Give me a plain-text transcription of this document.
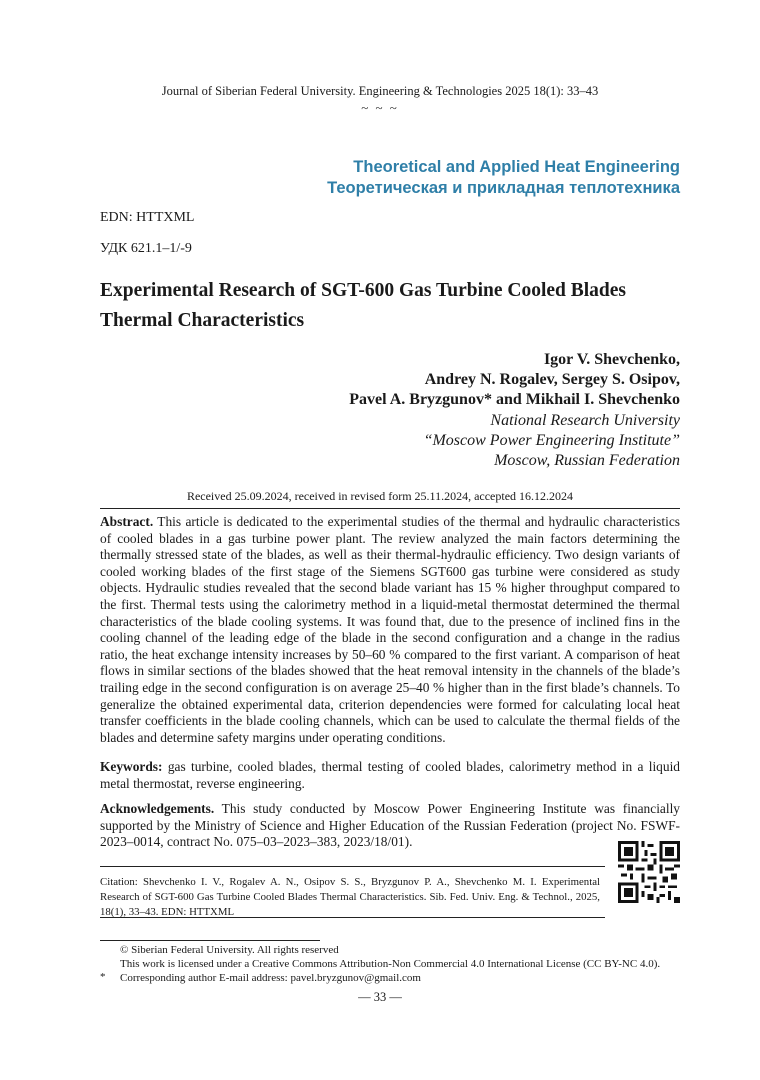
Journal of Siberian Federal University. Engineering & Technologies 2025 18(1): 33–43
~ ~ ~
Theoretical and Applied Heat Engineering
Теоретическая и прикладная теплотехника
EDN: HTTXML
УДК 621.1–1/-9
Experimental Research of SGT-600 Gas Turbine Cooled Blades Thermal Characteristics
Igor V. Shevchenko,
Andrey N. Rogalev, Sergey S. Osipov,
Pavel A. Bryzgunov* and Mikhail I. Shevchenko
National Research University
“Moscow Power Engineering Institute”
Moscow, Russian Federation
Received 25.09.2024, received in revised form 25.11.2024, accepted 16.12.2024
Abstract. This article is dedicated to the experimental studies of the thermal and hydraulic characteristics of cooled blades in a gas turbine power plant. The review analyzed the main factors determining the thermally stressed state of the blades, as well as their thermal-hydraulic efficiency. Two design variants of cooled working blades of the first stage of the Siemens SGT600 gas turbine were considered as study objects. Hydraulic studies revealed that the second blade variant has 15 % higher throughput compared to the first. Thermal tests using the calorimetry method in a liquid-metal thermostat determined the thermal characteristics of the blade cooling systems. It was found that, due to the presence of inclined fins in the cooling channel of the leading edge of the blade in the second configuration and a change in the radius ratio, the heat exchange intensity increases by 50–60 % compared to the first variant. A comparison of heat flows in similar sections of the blades showed that the heat removal intensity in the channels of the blade’s trailing edge in the second configuration is on average 25–40 % higher than in the first blade’s channels. To generalize the obtained experimental data, criterion dependencies were formed for calculating local heat transfer coefficients in the blade cooling channels, which can be used to calculate the thermal fields of the blades and determine safety margins under operating conditions.
Keywords: gas turbine, cooled blades, thermal testing of cooled blades, calorimetry method in a liquid metal thermostat, reverse engineering.
Acknowledgements. This study conducted by Moscow Power Engineering Institute was financially supported by the Ministry of Science and Higher Education of the Russian Federation (project No. FSWF-2023–0014, contract No. 075–03–2023–383, 2023/18/01).
Citation: Shevchenko I. V., Rogalev A. N., Osipov S. S., Bryzgunov P. A., Shevchenko M. I. Experimental Research of SGT-600 Gas Turbine Cooled Blades Thermal Characteristics. Sib. Fed. Univ. Eng. & Technol., 2025, 18(1), 33–43. EDN: HTTXML
© Siberian Federal University. All rights reserved
This work is licensed under a Creative Commons Attribution-Non Commercial 4.0 International License (CC BY-NC 4.0).
* Corresponding author E-mail address: pavel.bryzgunov@gmail.com
— 33 —
